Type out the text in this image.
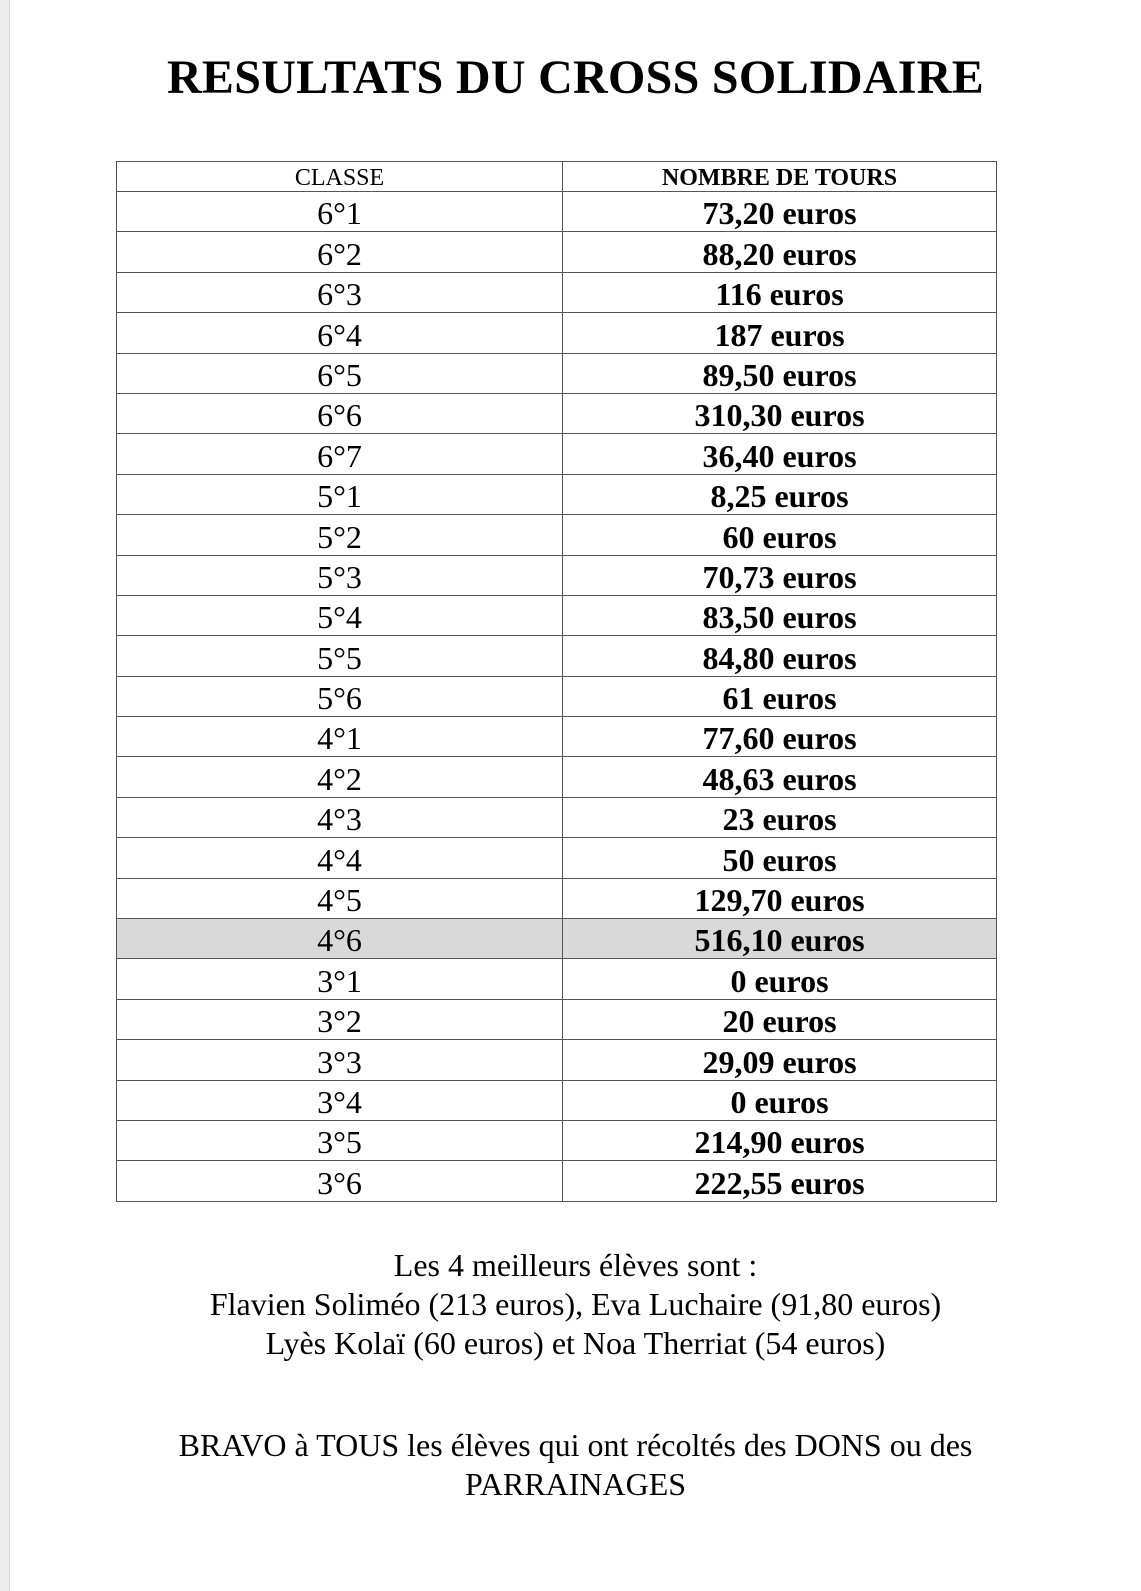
RESULTATS DU CROSS SOLIDAIRE
CLASSE	NOMBRE DE TOURS
6°1	73,20 euros
6°2	88,20 euros
6°3	116 euros
6°4	187 euros
6°5	89,50 euros
6°6	310,30 euros
6°7	36,40 euros
5°1	8,25 euros
5°2	60 euros
5°3	70,73 euros
5°4	83,50 euros
5°5	84,80 euros
5°6	61 euros
4°1	77,60 euros
4°2	48,63 euros
4°3	23 euros
4°4	50 euros
4°5	129,70 euros
4°6	516,10 euros
3°1	0 euros
3°2	20 euros
3°3	29,09 euros
3°4	0 euros
3°5	214,90 euros
3°6	222,55 euros
Les 4 meilleurs élèves sont :
Flavien Soliméo (213 euros), Eva Luchaire (91,80 euros)
Lyès Kolaï (60 euros) et Noa Therriat (54 euros)
BRAVO à TOUS les élèves qui ont récoltés des DONS ou des
PARRAINAGES
